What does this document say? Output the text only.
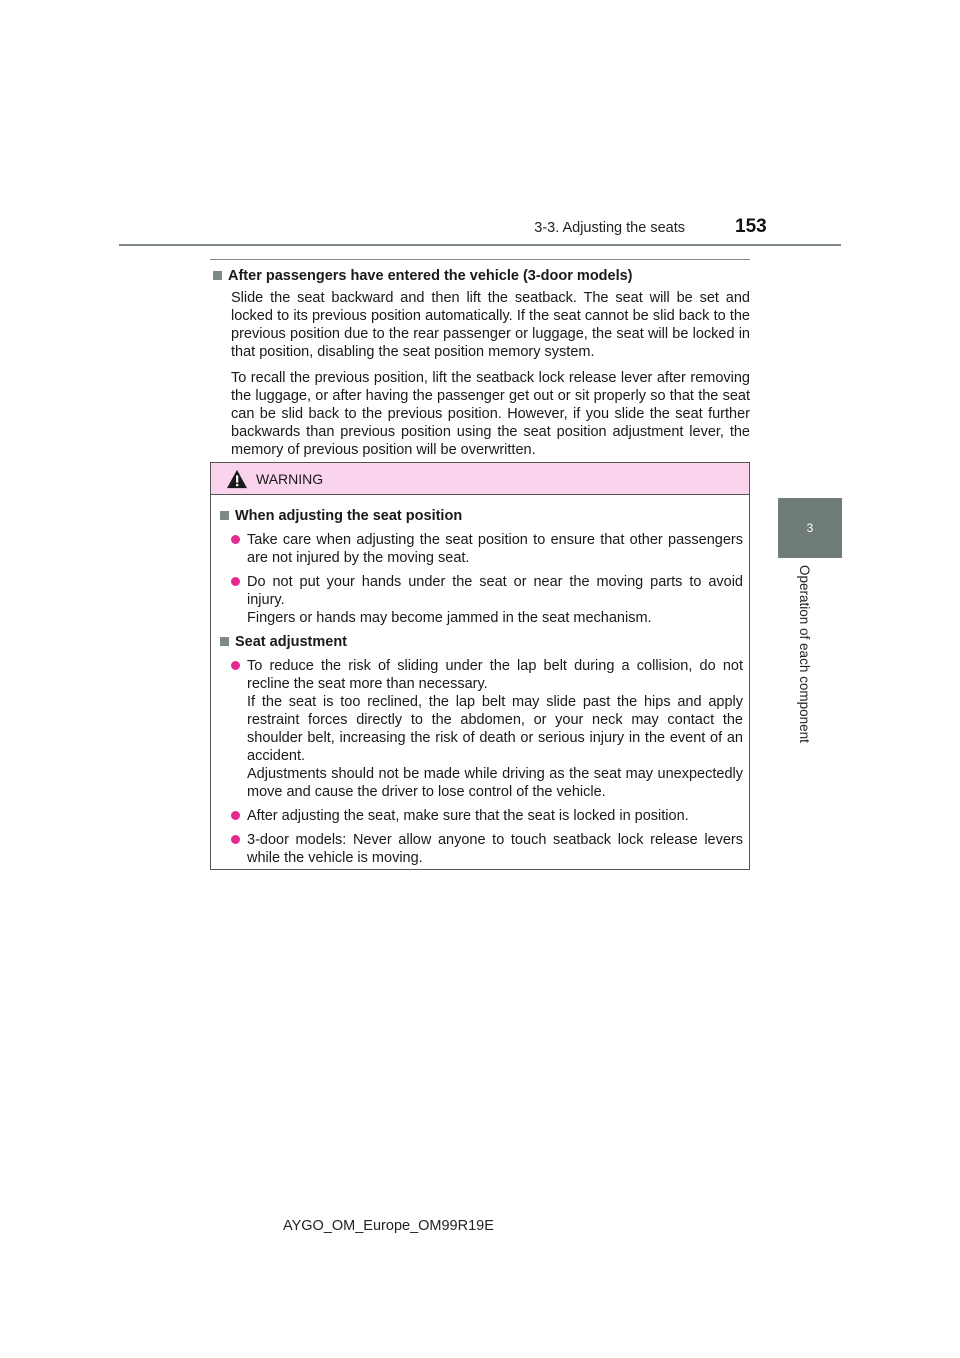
3-3. Adjusting the seats	153
3
Operation of each component
After passengers have entered the vehicle (3-door models)
Slide the seat backward and then lift the seatback. The seat will be set and locked to its previous position automatically. If the seat cannot be slid back to the previous position due to the rear passenger or luggage, the seat will be locked in that position, disabling the seat position memory system.
To recall the previous position, lift the seatback lock release lever after removing the luggage, or after having the passenger get out or sit properly so that the seat can be slid back to the previous position. However, if you slide the seat further backwards than previous position using the seat position adjustment lever, the memory of previous position will be overwritten.
WARNING
When adjusting the seat position
Take care when adjusting the seat position to ensure that other passengers are not injured by the moving seat.
Do not put your hands under the seat or near the moving parts to avoid injury.
Fingers or hands may become jammed in the seat mechanism.
Seat adjustment
To reduce the risk of sliding under the lap belt during a collision, do not recline the seat more than necessary.
If the seat is too reclined, the lap belt may slide past the hips and apply restraint forces directly to the abdomen, or your neck may contact the shoulder belt, increasing the risk of death or serious injury in the event of an accident.
Adjustments should not be made while driving as the seat may unexpectedly move and cause the driver to lose control of the vehicle.
After adjusting the seat, make sure that the seat is locked in position.
3-door models: Never allow anyone to touch seatback lock release levers while the vehicle is moving.
AYGO_OM_Europe_OM99R19E
